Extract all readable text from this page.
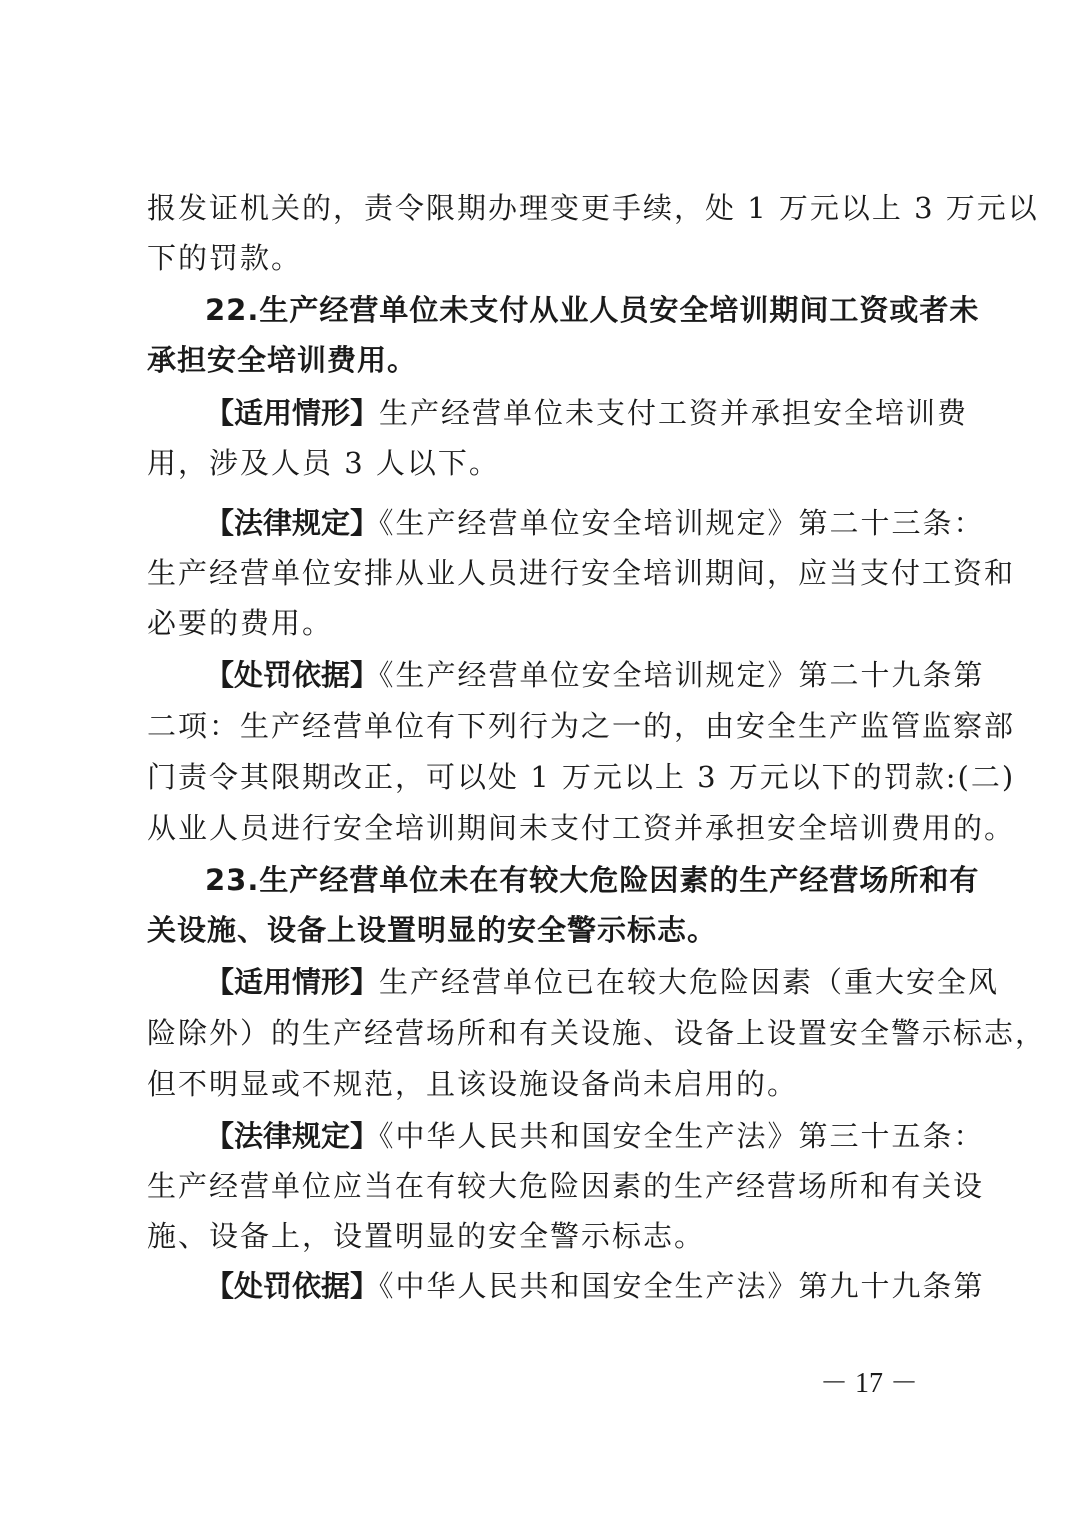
报发证机关的，责令限期办理变更手续，处 1 万元以上 3 万元以
下的罚款。
22.生产经营单位未支付从业人员安全培训期间工资或者未
承担安全培训费用。
【适用情形】生产经营单位未支付工资并承担安全培训费
用，涉及人员 3 人以下。
【法律规定】《生产经营单位安全培训规定》第二十三条：
生产经营单位安排从业人员进行安全培训期间，应当支付工资和
必要的费用。
【处罚依据】《生产经营单位安全培训规定》第二十九条第
二项：生产经营单位有下列行为之一的，由安全生产监管监察部
门责令其限期改正，可以处 1 万元以上 3 万元以下的罚款:(二)
从业人员进行安全培训期间未支付工资并承担安全培训费用的。
23.生产经营单位未在有较大危险因素的生产经营场所和有
关设施、设备上设置明显的安全警示标志。
【适用情形】生产经营单位已在较大危险因素（重大安全风
险除外）的生产经营场所和有关设施、设备上设置安全警示标志，
但不明显或不规范，且该设施设备尚未启用的。
【法律规定】《中华人民共和国安全生产法》第三十五条：
生产经营单位应当在有较大危险因素的生产经营场所和有关设
施、设备上，设置明显的安全警示标志。
【处罚依据】《中华人民共和国安全生产法》第九十九条第
－ 17 －
